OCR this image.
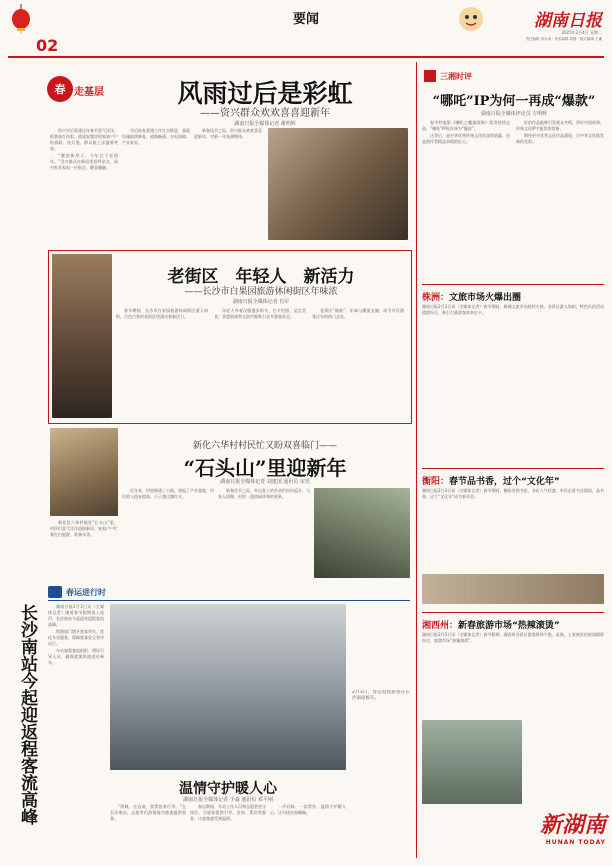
02
要闻	湖南日报
2025年2月4日 星期二
责任编辑 刘永涛 · 美术编辑 周静 · 版式编辑 王谦
春 走基层	风雨过后是彩虹
——资兴群众欢欢喜喜迎新年
湖南日报全媒体记者 谢明辉

资兴灾后重建过年春节喜气洋洋。街巷张灯结彩，重建安置房里家家户户贴春联、挂灯笼，群众脸上洋溢着笑容。

“搬进新房子，今年过个安稳年。”受灾群众在新居里招呼亲友，屋内家具家电一应俱全，暖意融融。

灾后恢复重建工作扎实推进，基础设施陆续修复，道路畅通、水电保障、产业复苏。

新春佳节之际，资兴群众欢欢喜喜迎新年，对新一年充满期待。

老街区　年轻人　新活力
——长沙市白果园旅游休闲街区年味浓
湖南日报全媒体记者 肖军

春节期间，长沙市白果园旅游休闲街区游人如织，古色古香的老街区里涌动着新活力。

年轻人身着汉服漫步街头，打卡拍照、品尝美食，非遗展演和文创市集吸引众多游客驻足。

老街区“焕新”，年味与潮流交融，成为市民游客过年的热门去处。

新化六华村村民忙又盼双喜临门——
“石头山”里迎新年
湖南日报全媒体记者 刘建国 通讯员 宋乐

新化县六华村地处“石头山”里，村民们喜气洋洋迎接新年，家家户户忙着打扫庭院、准备年货。

近年来，村里修通了公路、建起了产业基地，村民收入稳步提高，日子越过越红火。

新春佳节之际，外出务工的乡亲们纷纷返乡，与家人团聚，村里一派热闹祥和的景象。

春运进行时
长沙南站今起迎返程客流高峰	湖南日报2月3日讯（全媒体记者）随着春节假期进入尾声，长沙南站今起迎来返程客流高峰。

铁路部门增开旅客列车，优化车站服务，保障旅客安全有序出行。

车站加强客流组织，增设引导人员，确保旅客快速进站乘车。

2月3日，春运返程旅客在长沙南站候车。
温情守护暖人心
湖南日报全媒体记者 于淼 通讯员 邓平刚

“阿姨，这边请，我帮您拿行李。”在长沙南站，志愿者们热情地为旅客提供服务。

春运期间，车站工作人员和志愿者坚守岗位，为旅客提供引导、咨询、帮扶等服务，让旅客感受到温情。

一声问候、一次帮扶，温情守护暖人心，让归途更加顺畅。

三湘时评
“哪吒”IP为何一再成“爆款”
湖南日报全媒体评论员 方明辉

春节档电影《哪吒之魔童闹海》票房持续走高，“哪吒”IP再次成为“爆款”。

这背后，是中华优秀传统文化的深厚底蕴，也是创作者精益求精的匠心。

好的作品能够引发观众共鸣，讲好中国故事，传统文化IP才能常用常新。

期待更多优秀文化作品涌现，让中华文化焕发新的光彩。

株洲：文旅市场火爆出圈
湖南日报2月3日讯（全媒体记者）春节期间，株洲文旅市场持续火热，各景区游人如织，特色民俗活动精彩纷呈，吸引大量游客前来打卡。
衡阳：春节品书香，过个“文化年”
湖南日报2月3日讯（全媒体记者）春节期间，衡阳各图书馆、书店人气旺盛，市民走进书店阅读，品书香、过个“文化年”成为新年俗。
湘西州：新春旅游市场“热辣滚烫”
湖南日报2月3日讯（全媒体记者）春节假期，湘西州各景区游客络绎不绝，苗族、土家族民俗展演精彩纷呈，旅游市场“热辣滚烫”。
新湖南
HUNAN TODAY
